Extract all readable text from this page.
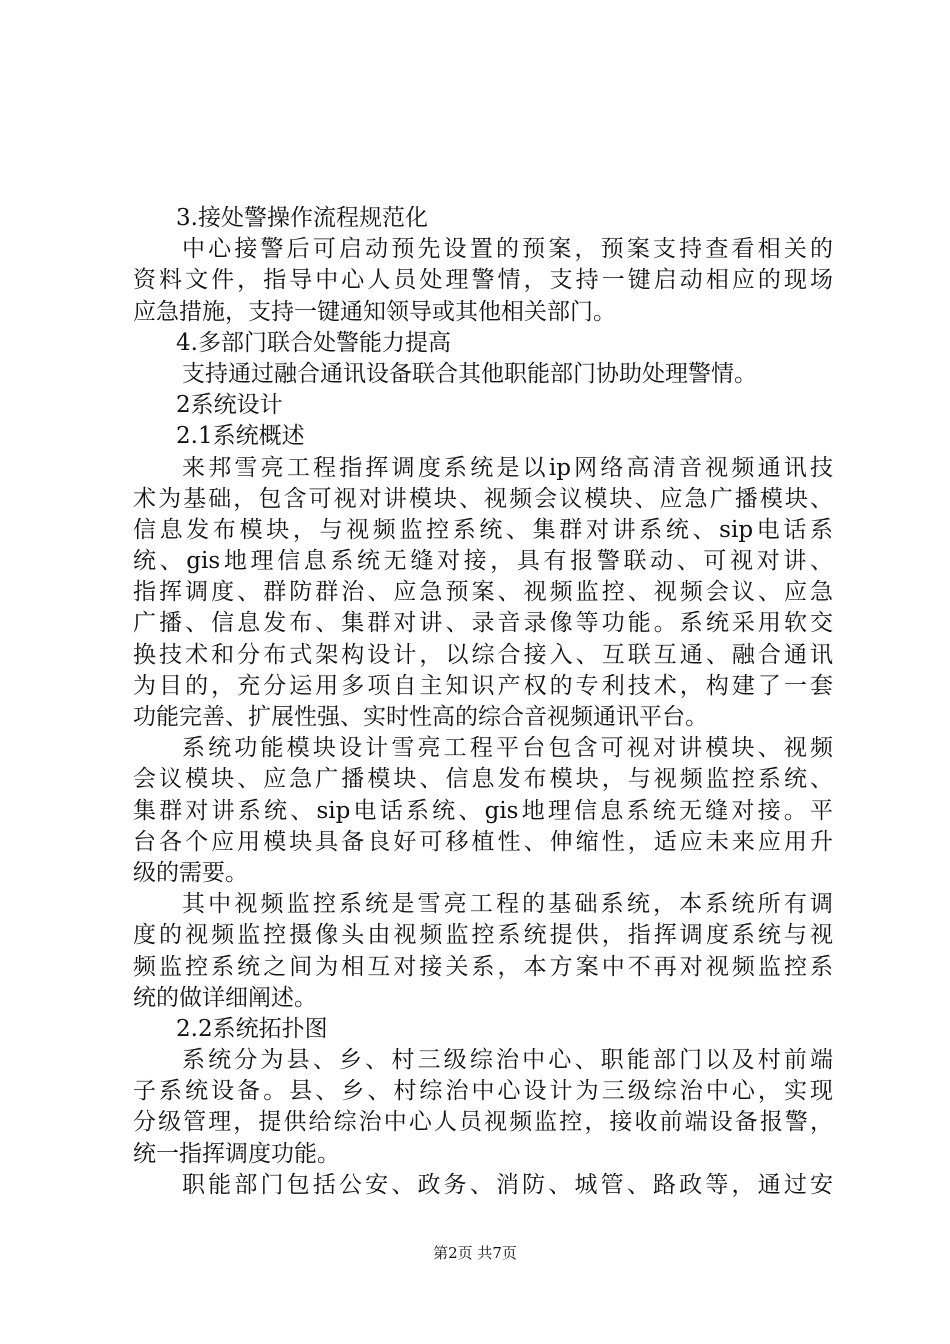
3.接处警操作流程规范化
中心接警后可启动预先设置的预案，预案支持查看相关的
资料文件，指导中心人员处理警情，支持一键启动相应的现场
应急措施，支持一键通知领导或其他相关部门。
4.多部门联合处警能力提高
支持通过融合通讯设备联合其他职能部门协助处理警情。
2系统设计
2.1系统概述
来邦雪亮工程指挥调度系统是以ip网络高清音视频通讯技
术为基础，包含可视对讲模块、视频会议模块、应急广播模块、
信息发布模块，与视频监控系统、集群对讲系统、sip电话系
统、gis地理信息系统无缝对接，具有报警联动、可视对讲、
指挥调度、群防群治、应急预案、视频监控、视频会议、应急
广播、信息发布、集群对讲、录音录像等功能。系统采用软交
换技术和分布式架构设计，以综合接入、互联互通、融合通讯
为目的，充分运用多项自主知识产权的专利技术，构建了一套
功能完善、扩展性强、实时性高的综合音视频通讯平台。
系统功能模块设计雪亮工程平台包含可视对讲模块、视频
会议模块、应急广播模块、信息发布模块，与视频监控系统、
集群对讲系统、sip电话系统、gis地理信息系统无缝对接。平
台各个应用模块具备良好可移植性、伸缩性，适应未来应用升
级的需要。
其中视频监控系统是雪亮工程的基础系统，本系统所有调
度的视频监控摄像头由视频监控系统提供，指挥调度系统与视
频监控系统之间为相互对接关系，本方案中不再对视频监控系
统的做详细阐述。
2.2系统拓扑图
系统分为县、乡、村三级综治中心、职能部门以及村前端
子系统设备。县、乡、村综治中心设计为三级综治中心，实现
分级管理，提供给综治中心人员视频监控，接收前端设备报警，
统一指挥调度功能。
职能部门包括公安、政务、消防、城管、路政等，通过安
第2页 共7页
